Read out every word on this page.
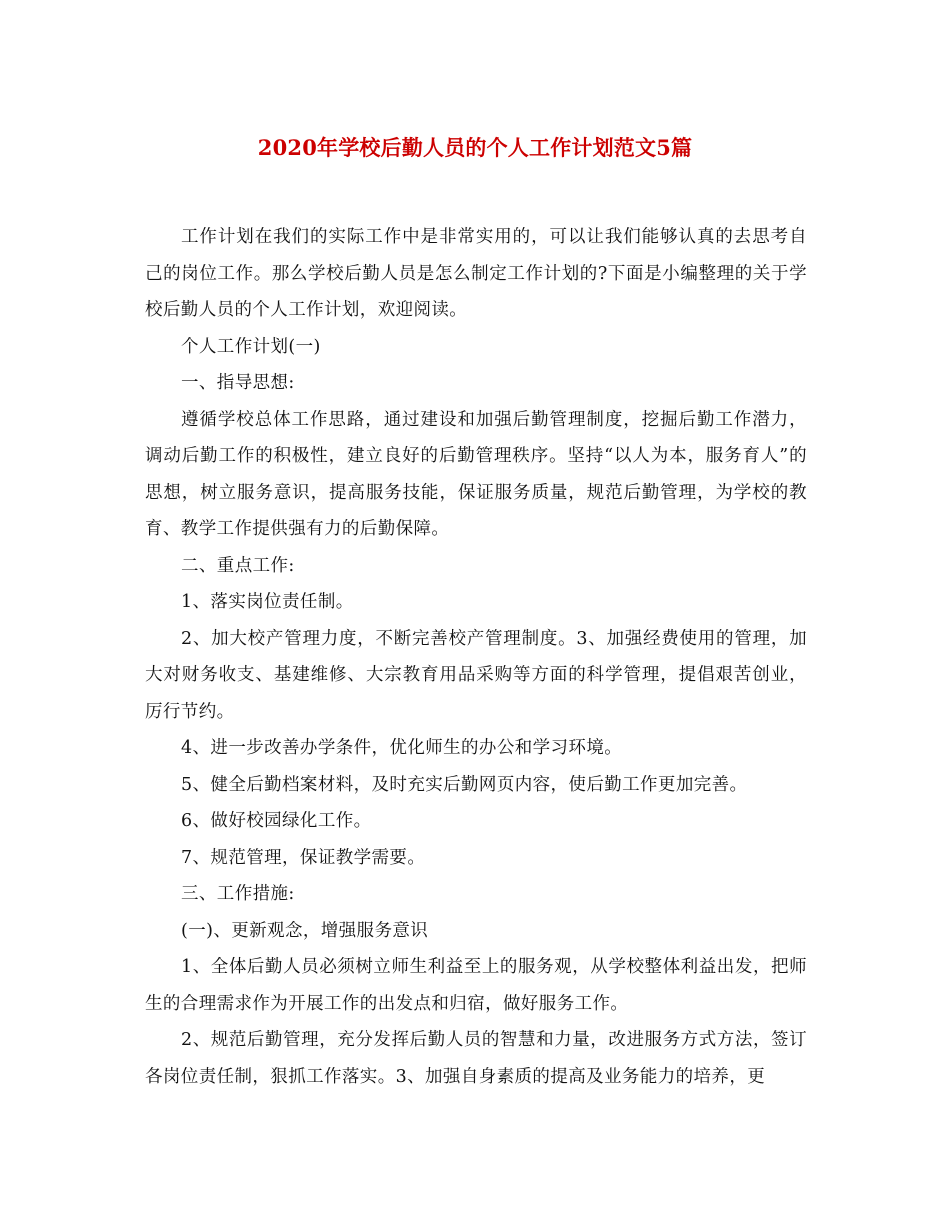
2020年学校后勤人员的个人工作计划范文5篇

工作计划在我们的实际工作中是非常实用的，可以让我们能够认真的去思考自己的岗位工作。那么学校后勤人员是怎么制定工作计划的?下面是小编整理的关于学校后勤人员的个人工作计划，欢迎阅读。

个人工作计划(一)

一、指导思想:

遵循学校总体工作思路，通过建设和加强后勤管理制度，挖掘后勤工作潜力，调动后勤工作的积极性，建立良好的后勤管理秩序。坚持“以人为本，服务育人”的思想，树立服务意识，提高服务技能，保证服务质量，规范后勤管理，为学校的教育、教学工作提供强有力的后勤保障。

二、重点工作:

1、落实岗位责任制。

2、加大校产管理力度，不断完善校产管理制度。3、加强经费使用的管理，加大对财务收支、基建维修、大宗教育用品采购等方面的科学管理，提倡艰苦创业，厉行节约。

4、进一步改善办学条件，优化师生的办公和学习环境。

5、健全后勤档案材料，及时充实后勤网页内容，使后勤工作更加完善。

6、做好校园绿化工作。

7、规范管理，保证教学需要。

三、工作措施:

(一)、更新观念，增强服务意识

1、全体后勤人员必须树立师生利益至上的服务观，从学校整体利益出发，把师生的合理需求作为开展工作的出发点和归宿，做好服务工作。

2、规范后勤管理，充分发挥后勤人员的智慧和力量，改进服务方式方法，签订各岗位责任制，狠抓工作落实。3、加强自身素质的提高及业务能力的培养，更
